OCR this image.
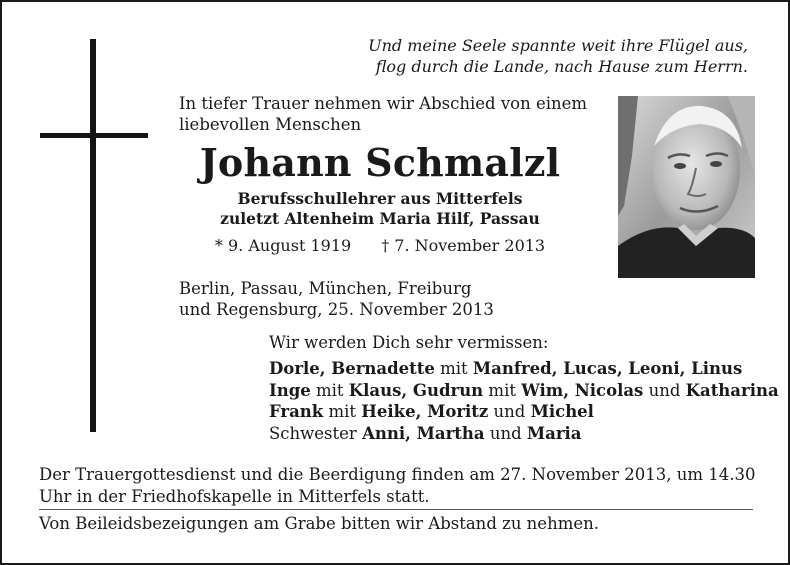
Und meine Seele spannte weit ihre Flügel aus,
flog durch die Lande, nach Hause zum Herrn.
In tiefer Trauer nehmen wir Abschied von einem
liebevollen Menschen
Johann Schmalzl
Berufsschullehrer aus Mitterfels
zuletzt Altenheim Maria Hilf, Passau
* 9. August 1919 † 7. November 2013
Berlin, Passau, München, Freiburg
und Regensburg, 25. November 2013
Wir werden Dich sehr vermissen:
Dorle, Bernadette mit Manfred, Lucas, Leoni, Linus
Inge mit Klaus, Gudrun mit Wim, Nicolas und Katharina
Frank mit Heike, Moritz und Michel
Schwester Anni, Martha und Maria
Der Trauergottesdienst und die Beerdigung finden am 27. November 2013, um 14.30
Uhr in der Friedhofskapelle in Mitterfels statt.
Von Beileidsbezeigungen am Grabe bitten wir Abstand zu nehmen.
